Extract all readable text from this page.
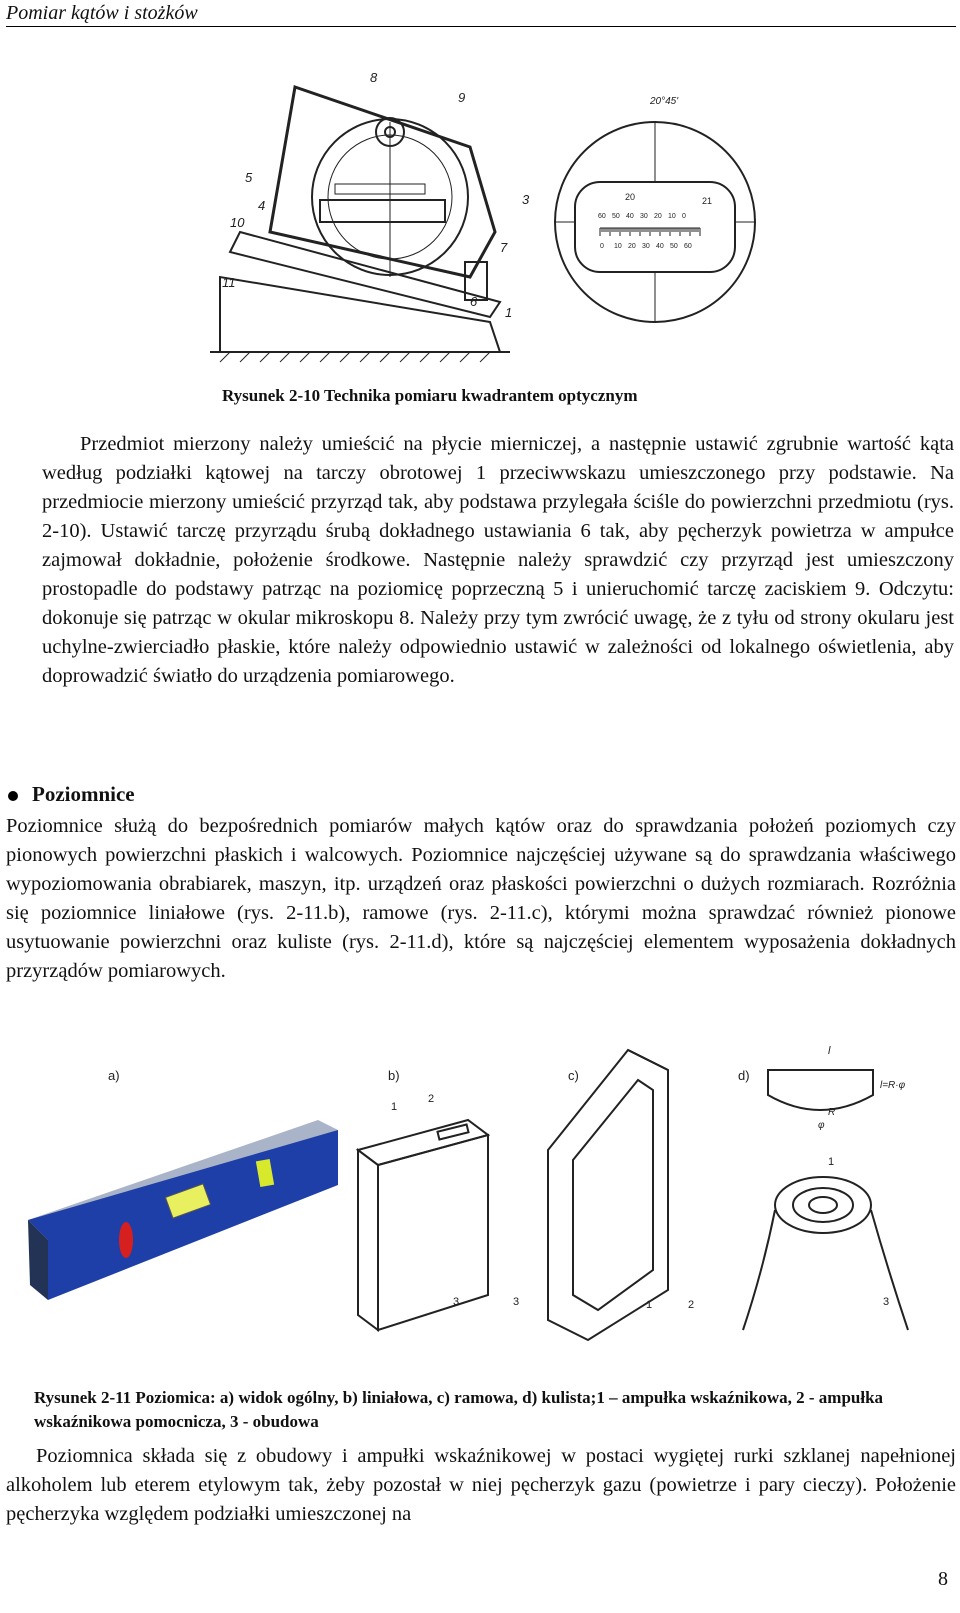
Pomiar kątów i stożków
8
9
5
4
10
3
7
11
6
1
20°45'
20	21
60 50 40 30 20 10 0
0 10 20 30 40 50 60
Rysunek 2-10 Technika pomiaru kwadrantem optycznym
Przedmiot mierzony należy umieścić na płycie mierniczej, a następnie ustawić zgrubnie wartość kąta według podziałki kątowej na tarczy obrotowej 1 przeciwwskazu umieszczonego przy podstawie. Na przedmiocie mierzony umieścić przyrząd tak, aby podstawa przylegała ściśle do powierzchni przedmiotu (rys. 2-10). Ustawić tarczę przyrządu śrubą dokładnego ustawiania 6 tak, aby pęcherzyk powietrza w ampułce zajmował dokładnie, położenie środkowe. Następnie należy sprawdzić czy przyrząd jest umieszczony prostopadle do podstawy patrząc na poziomicę poprzeczną 5 i unieruchomić tarczę zaciskiem 9. Odczytu: dokonuje się patrząc w okular mikroskopu 8. Należy przy tym zwrócić uwagę, że z tyłu od strony okularu jest uchylne-zwierciadło płaskie, które należy odpowiednio ustawić w zależności od lokalnego oświetlenia, aby doprowadzić światło do urządzenia pomiarowego.
Poziomnice
Poziomnice służą do bezpośrednich pomiarów małych kątów oraz do sprawdzania położeń poziomych czy pionowych powierzchni płaskich i walcowych. Poziomnice najczęściej używane są do sprawdzania właściwego wypoziomowania obrabiarek, maszyn, itp. urządzeń oraz płaskości powierzchni o dużych rozmiarach. Rozróżnia się poziomnice liniałowe (rys. 2-11.b), ramowe (rys. 2-11.c), którymi można sprawdzać również pionowe usytuowanie powierzchni oraz kuliste (rys. 2-11.d), które są najczęściej elementem wyposażenia dokładnych przyrządów pomiarowych.
a)	b)
1
2
3
c)
3	1	2
d)
l
l=R·φ
R
φ
1
3
Rysunek 2-11 Poziomica: a) widok ogólny, b) liniałowa, c) ramowa, d) kulista;1 – ampułka wskaźnikowa, 2 - ampułka wskaźnikowa pomocnicza, 3 - obudowa
Poziomnica składa się z obudowy i ampułki wskaźnikowej w postaci wygiętej rurki szklanej napełnionej alkoholem lub eterem etylowym tak, żeby pozostał w niej pęcherzyk gazu (powietrze i pary cieczy). Położenie pęcherzyka względem podziałki umieszczonej na
8
